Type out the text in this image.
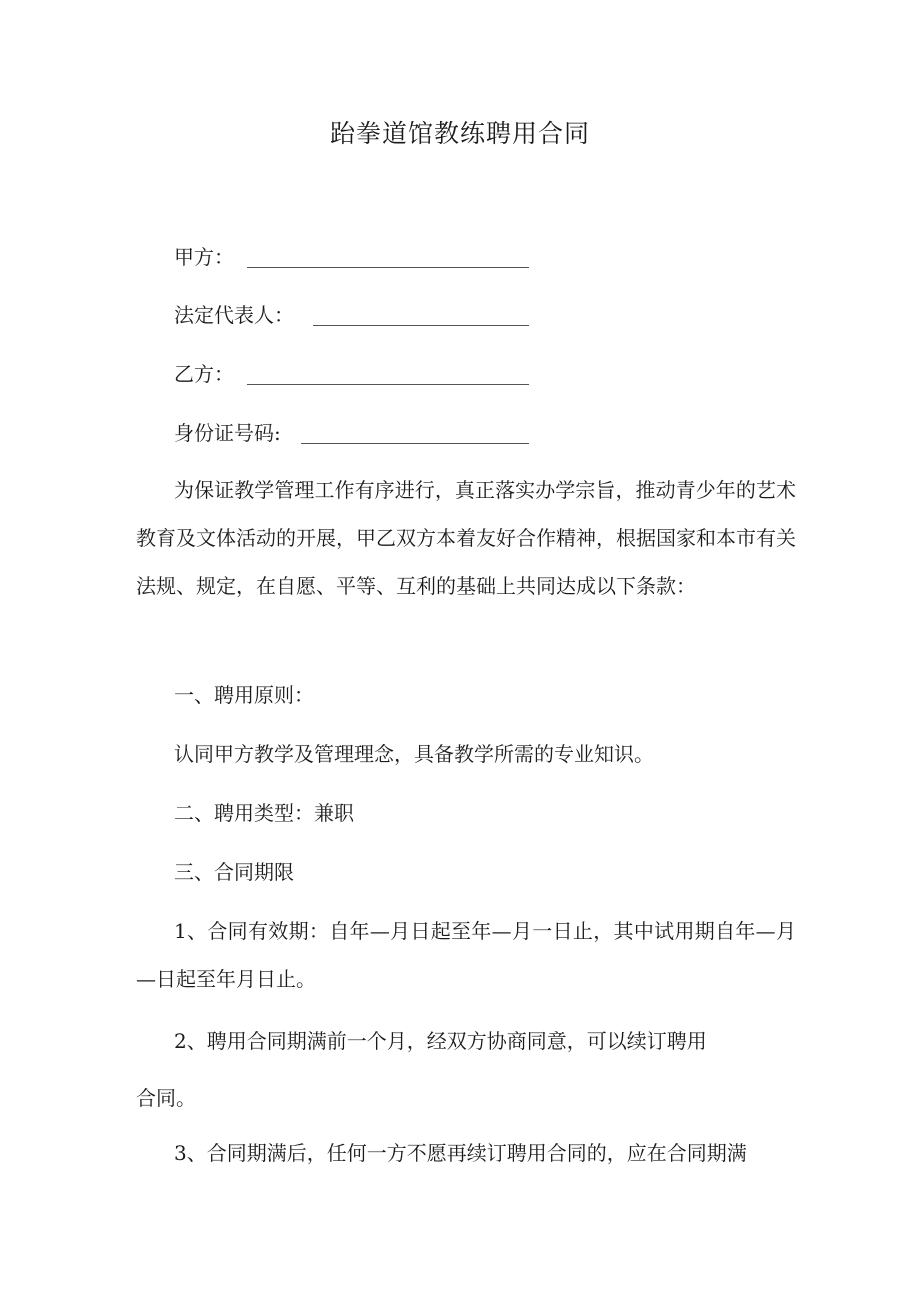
跆拳道馆教练聘用合同
甲方：
法定代表人：
乙方：
身份证号码:

为保证教学管理工作有序进行，真正落实办学宗旨，推动青少年的艺术教育及文体活动的开展，甲乙双方本着友好合作精神，根据国家和本市有关法规、规定，在自愿、平等、互利的基础上共同达成以下条款：

一、聘用原则：
认同甲方教学及管理理念，具备教学所需的专业知识。
二、聘用类型：兼职
三、合同期限

1、合同有效期：自年—月日起至年—月一日止，其中试用期自年—月—日起至年月日止。

2、聘用合同期满前一个月，经双方协商同意，可以续订聘用
合同。
3、合同期满后，任何一方不愿再续订聘用合同的，应在合同期满
